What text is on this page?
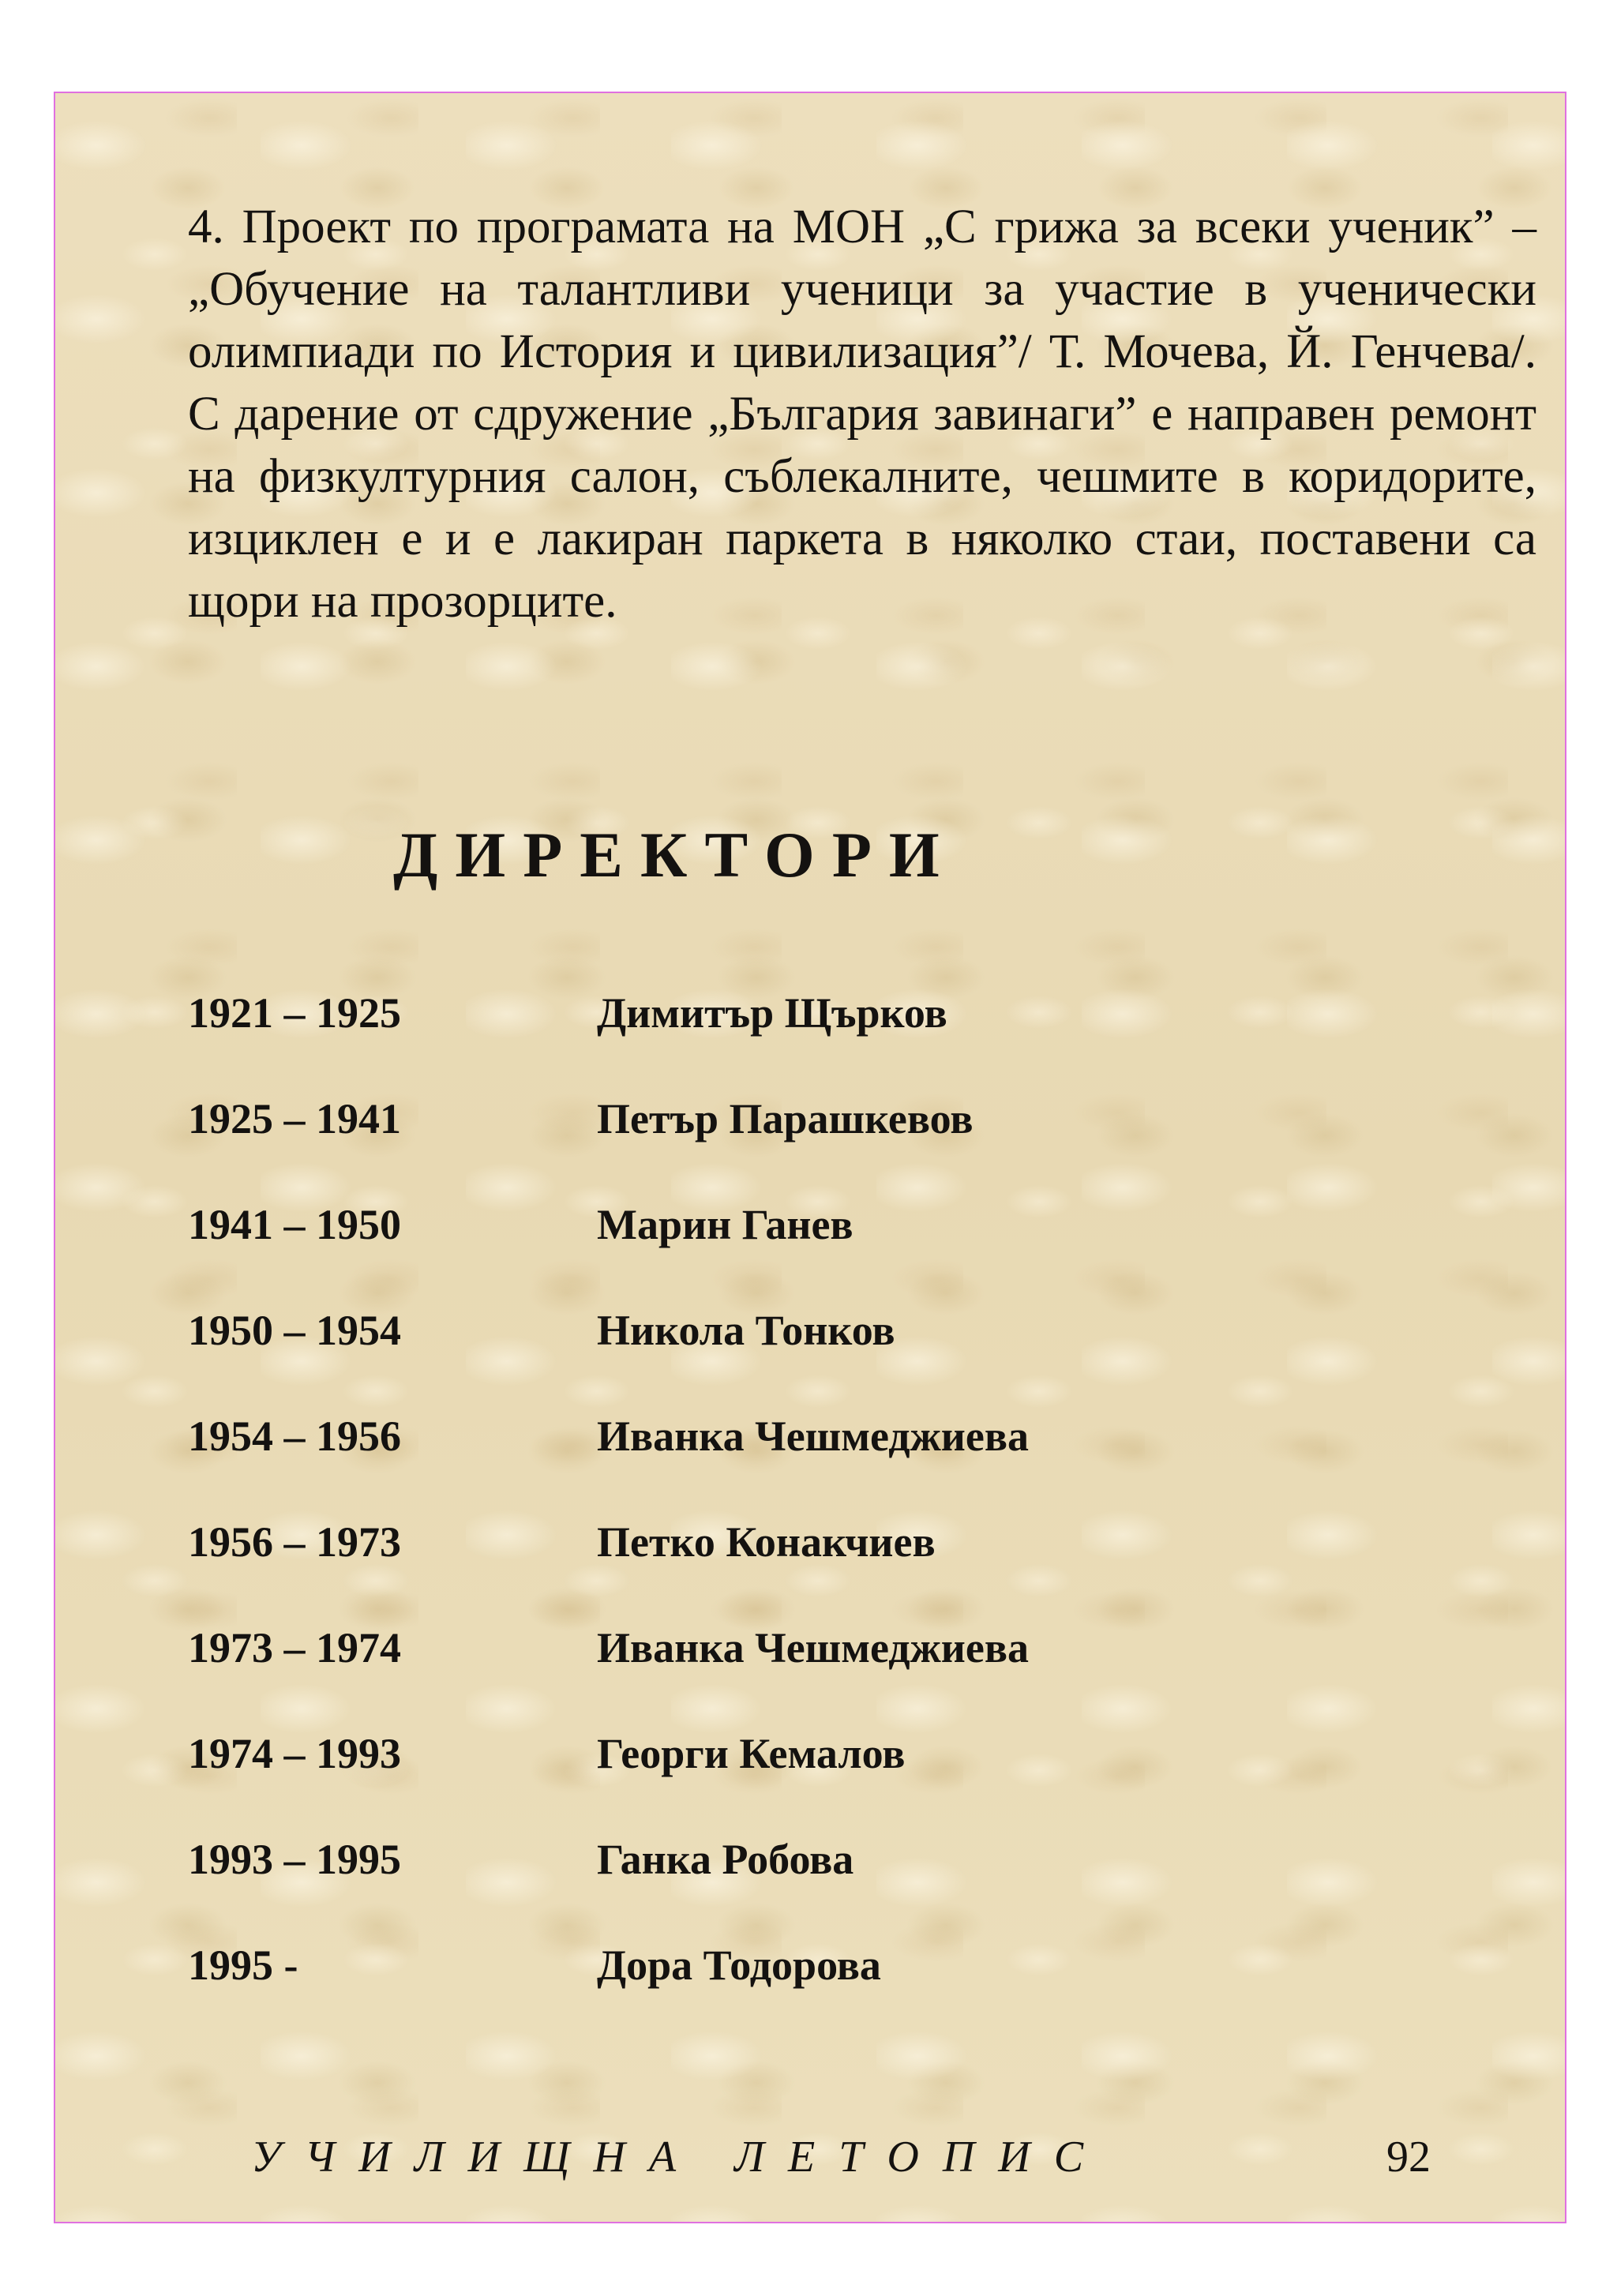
4. Проект по програмата на МОН „С грижа за всеки ученик” – „Обучение на талантливи ученици за участие в ученически олимпиади по История и цивилизация”/ Т. Мочева, Й. Генчева/. С дарение от сдружение „България завинаги” е направен ремонт на физкултурния салон, съблекалните, чешмите в коридорите, изциклен е и е лакиран паркета в няколко стаи, поставени са щори на прозорците.

ДИРЕКТОРИ
1921 – 1925	Димитър Щърков
1925 – 1941	Петър Парашкевов
1941 – 1950	Марин Ганев
1950 – 1954	Никола Тонков
1954 – 1956	Иванка Чешмеджиева
1956 – 1973	Петко Конакчиев
1973 – 1974	Иванка Чешмеджиева
1974 – 1993	Георги Кемалов
1993 – 1995	Ганка Робова
1995 -	Дора Тодорова
УЧИЛИЩНА ЛЕТОПИС	92
